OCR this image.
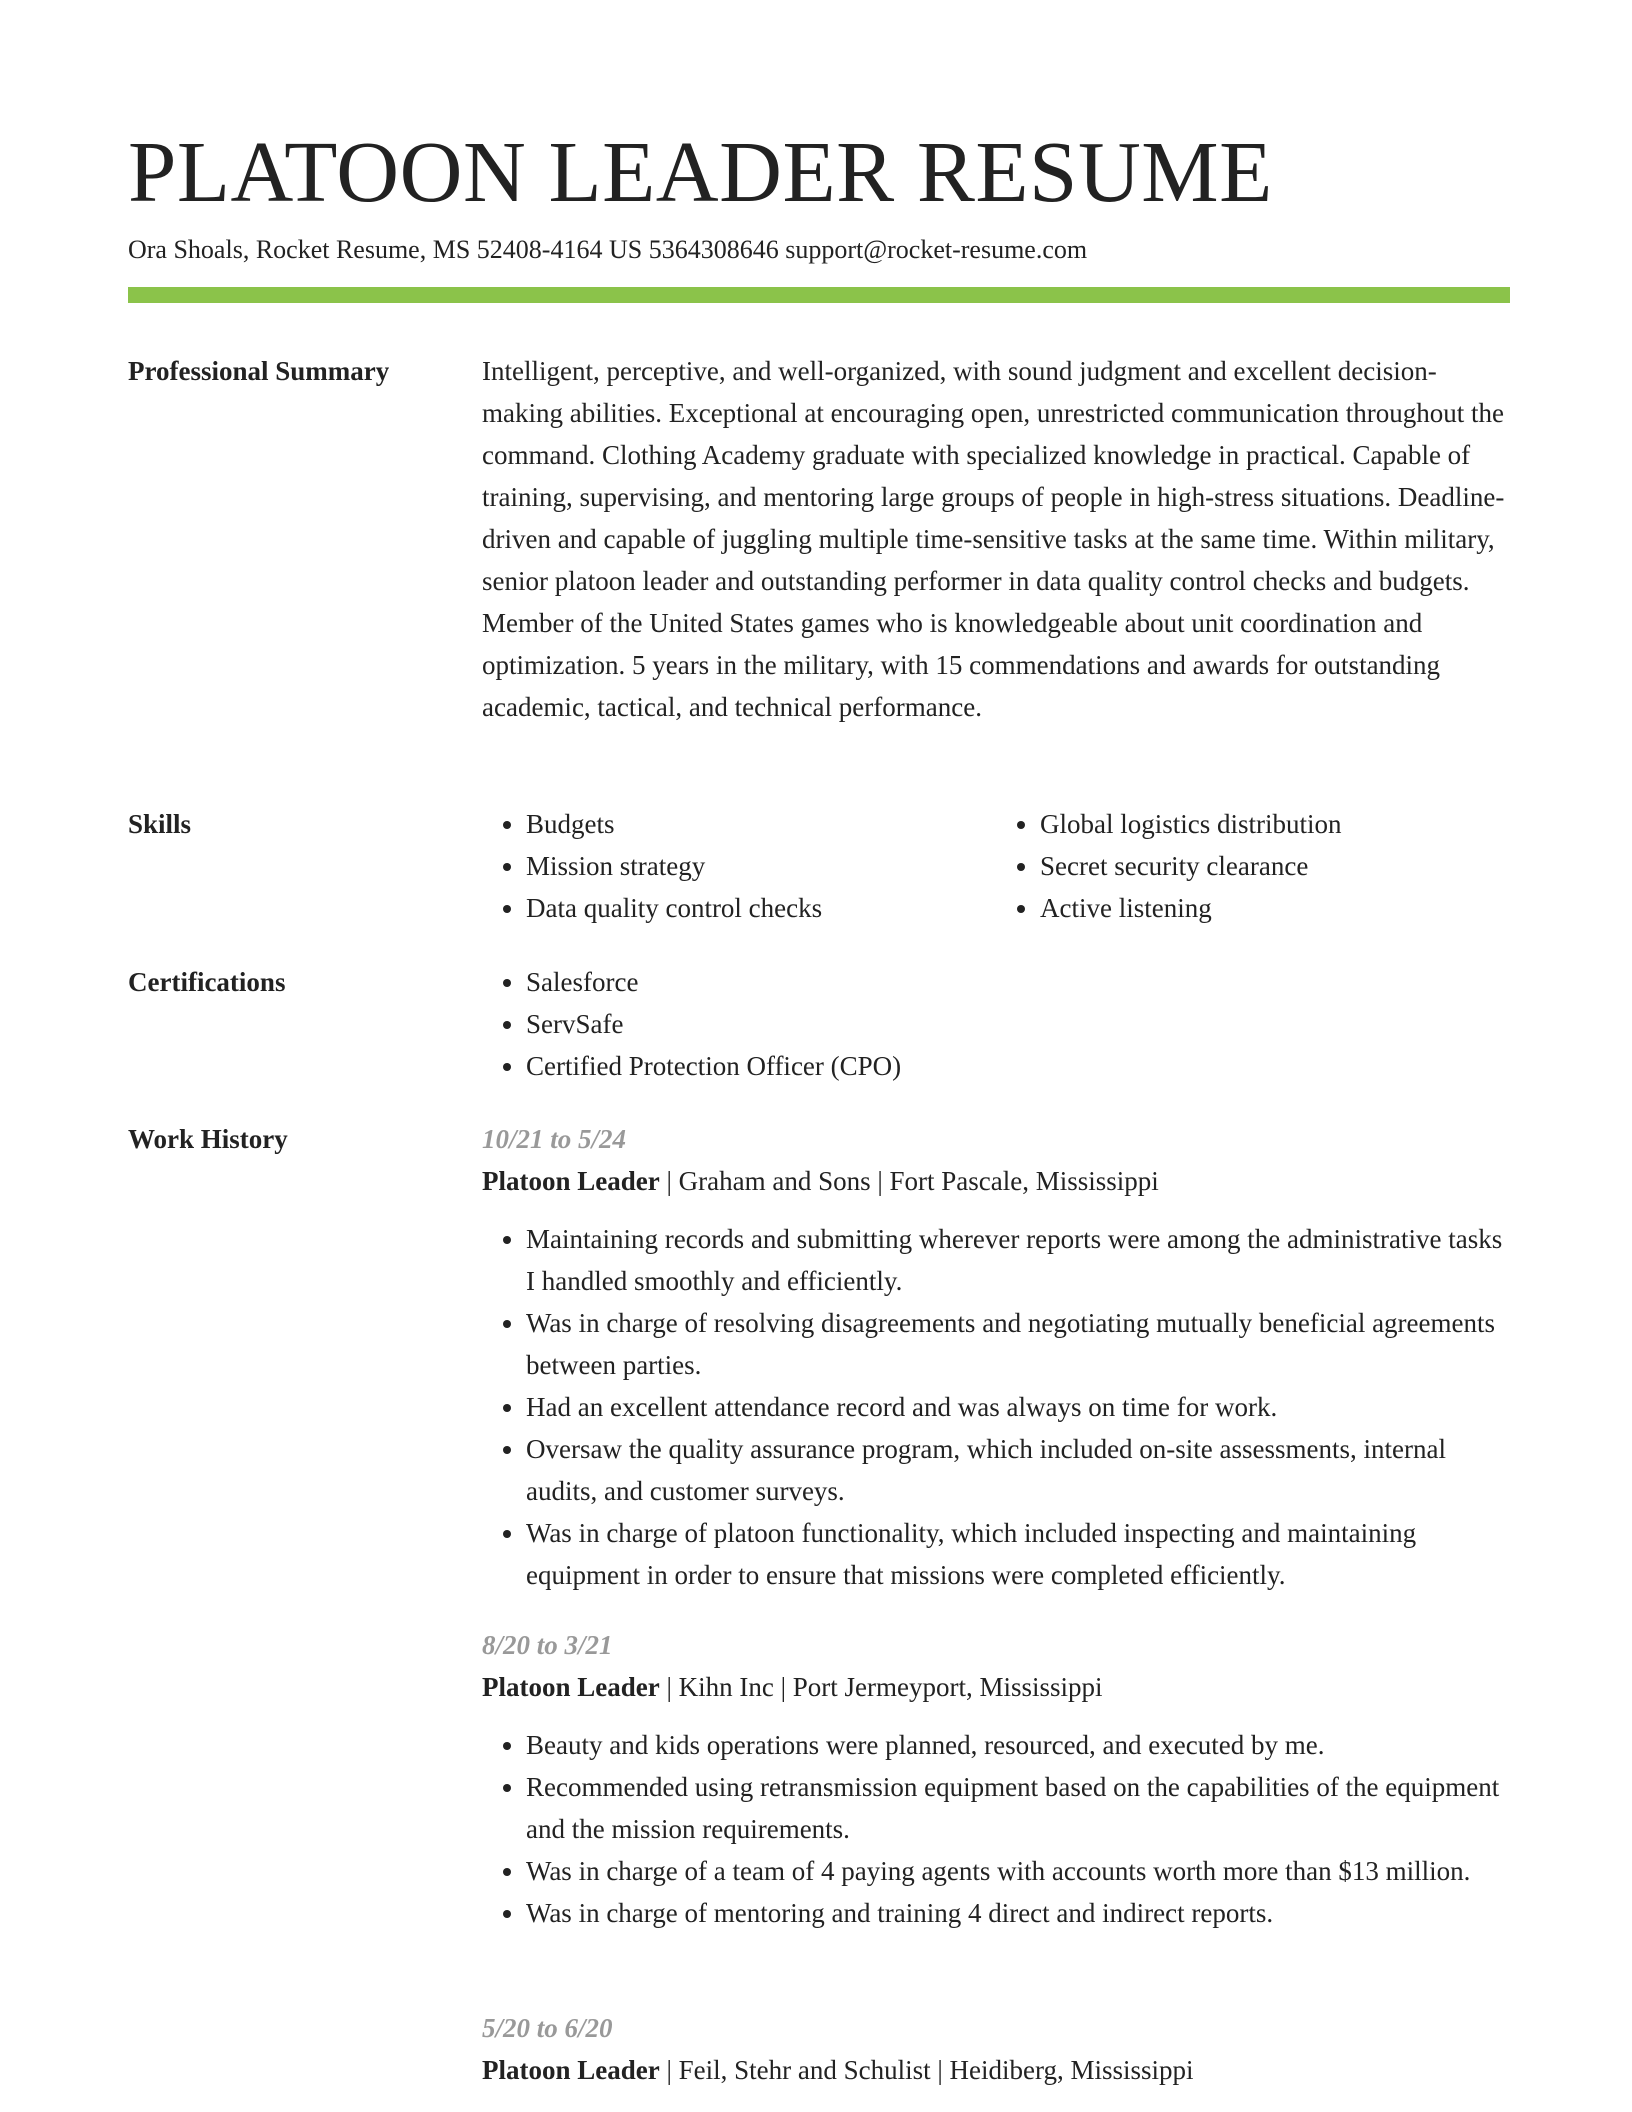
PLATOON LEADER RESUME
Ora Shoals, Rocket Resume, MS 52408-4164 US 5364308646 support@rocket-resume.com
Professional Summary	Intelligent, perceptive, and well-organized, with sound judgment and excellent decision-making abilities. Exceptional at encouraging open, unrestricted communication throughout the command. Clothing Academy graduate with specialized knowledge in practical. Capable of training, supervising, and mentoring large groups of people in high-stress situations. Deadline-driven and capable of juggling multiple time-sensitive tasks at the same time. Within military, senior platoon leader and outstanding performer in data quality control checks and budgets. Member of the United States games who is knowledgeable about unit coordination and optimization. 5 years in the military, with 15 commendations and awards for outstanding academic, tactical, and technical performance.

Skills	• Budgets
• Mission strategy
• Data quality control checks
• Global logistics distribution
• Secret security clearance
• Active listening
Certifications	• Salesforce
• ServSafe
• Certified Protection Officer (CPO)
Work History	10/21 to 5/24
Platoon Leader | Graham and Sons | Fort Pascale, Mississippi
• Maintaining records and submitting wherever reports were among the administrative tasks I handled smoothly and efficiently.
• Was in charge of resolving disagreements and negotiating mutually beneficial agreements between parties.
• Had an excellent attendance record and was always on time for work.
• Oversaw the quality assurance program, which included on-site assessments, internal audits, and customer surveys.
• Was in charge of platoon functionality, which included inspecting and maintaining equipment in order to ensure that missions were completed efficiently.
8/20 to 3/21
Platoon Leader | Kihn Inc | Port Jermeyport, Mississippi
• Beauty and kids operations were planned, resourced, and executed by me.
• Recommended using retransmission equipment based on the capabilities of the equipment and the mission requirements.
• Was in charge of a team of 4 paying agents with accounts worth more than $13 million.
• Was in charge of mentoring and training 4 direct and indirect reports.
5/20 to 6/20
Platoon Leader | Feil, Stehr and Schulist | Heidiberg, Mississippi
